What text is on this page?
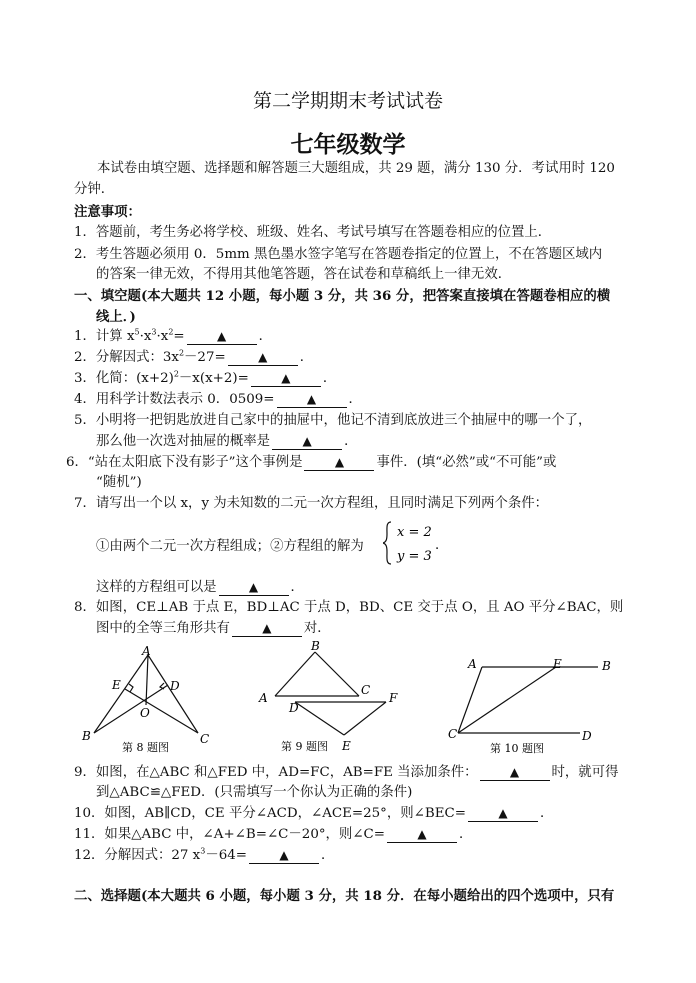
第二学期期末考试试卷
七年级数学
本试卷由填空题、选择题和解答题三大题组成，共 29 题，满分 130 分．考试用时 120
分钟．
注意事项：
1．答题前，考生务必将学校、班级、姓名、考试号填写在答题卷相应的位置上．
2．考生答题必须用 0．5mm 黑色墨水签字笔写在答题卷指定的位置上，不在答题区域内
的答案一律无效，不得用其他笔答题，答在试卷和草稿纸上一律无效．
一、填空题(本大题共 12 小题，每小题 3 分，共 36 分，把答案直接填在答题卷相应的横
线上．)
1．计算 $x^5\cdot x^3\cdot x^2=$	▲ ．
2．分解因式：$3x^2-27=$	▲ ．
3．化简：$(x+2)^2-x(x+2)=$	▲ ．
4．用科学计数法表示 0．0509=	▲ ．
5．小明将一把钥匙放进自己家中的抽屉中，他记不清到底放进三个抽屉中的哪一个了，
那么他一次选对抽屉的概率是	▲ ．
6．“站在太阳底下没有影子”这个事例是	▲ 事件．(填“必然”或“不可能”或
“随机”)
7．请写出一个以 x，y 为未知数的二元一次方程组，且同时满足下列两个条件：
①由两个二元一次方程组成；②方程组的解为
x = 2
y = 3
.
这样的方程组可以是	▲ ．
8．如图，CE⊥AB 于点 E，BD⊥AC 于点 D，BD、CE 交于点 O，且 AO 平分∠BAC，则
图中的全等三角形共有	▲ 对．
A
E	D
O
B	C
第 8 题图
B
A
C
F
D
E
第 9 题图
A	E	B
C	D
第 10 题图
9．如图，在△ABC 和△FED 中，AD=FC，AB=FE 当添加条件：	▲ 时，就可得
到△ABC≌△FED．(只需填写一个你认为正确的条件)
10．如图，AB∥CD，CE 平分∠ACD，∠ACE=25°，则∠BEC=	▲ ．
11．如果△ABC 中，∠A+∠B=∠C－20°，则∠C=	▲ ．
12．分解因式：27 $x^3-64=$	▲ ．
二、选择题(本大题共 6 小题，每小题 3 分，共 18 分．在每小题给出的四个选项中，只有
